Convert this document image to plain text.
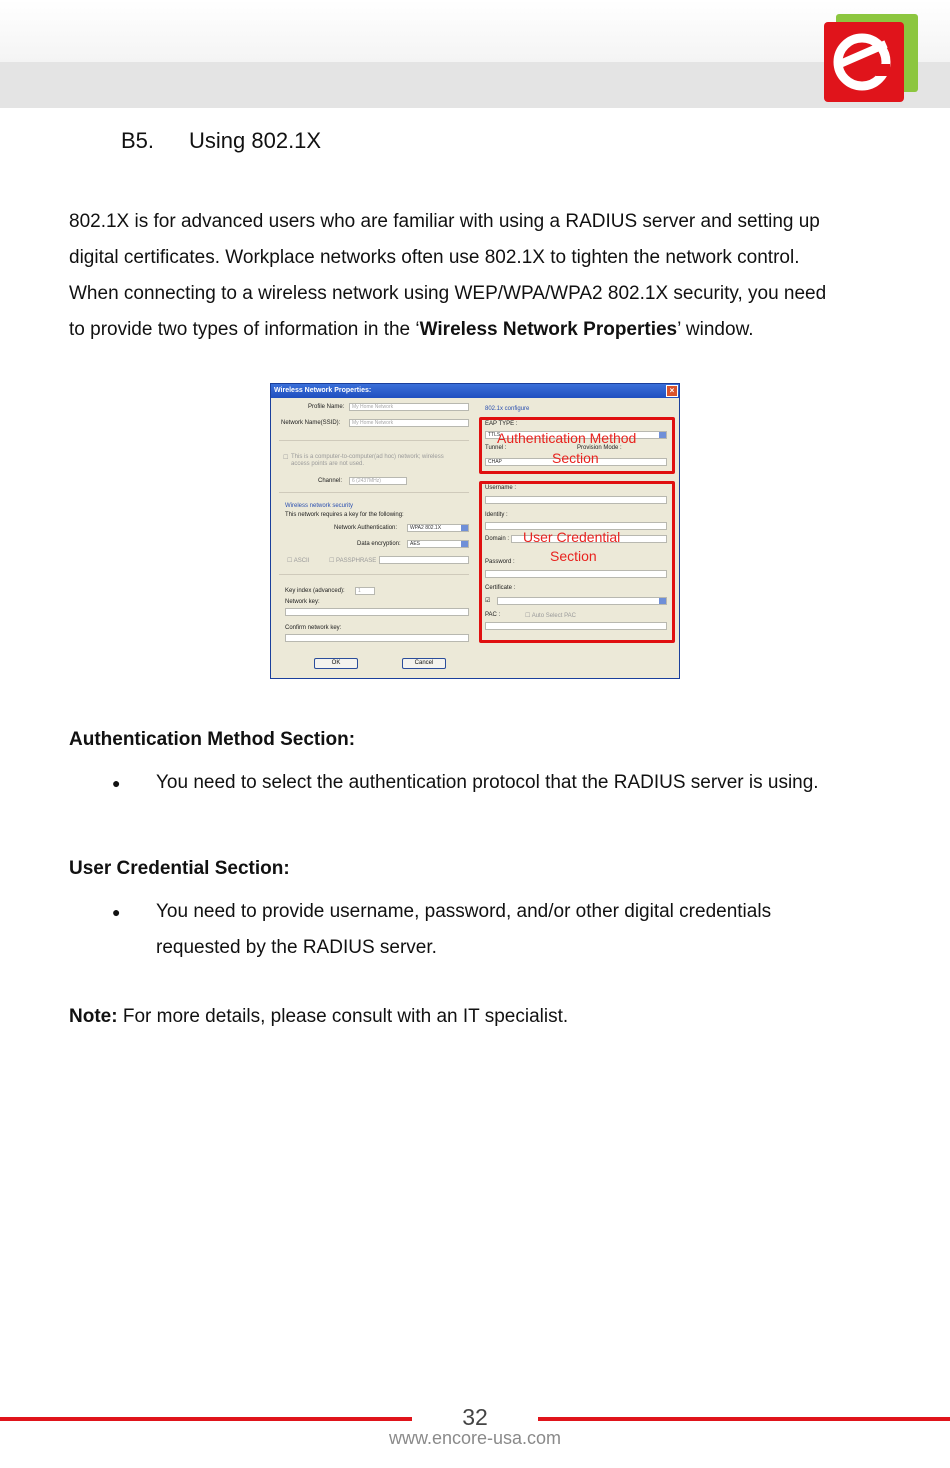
B5. Using 802.1X

802.1X is for advanced users who are familiar with using a RADIUS server and setting up

digital certificates. Workplace networks often use 802.1X to tighten the network control.

When connecting to a wireless network using WEP/WPA/WPA2 802.1X security, you need

to provide two types of information in the ‘Wireless Network Properties’ window.

Wireless Network Properties:	×
Profile Name:	My Home Network
Network Name(SSID):	My Home Network
☐ This is a computer-to-computer(ad hoc) network; wireless
access points are not used.
Channel:	6 (2437MHz)
Wireless network security
This network requires a key for the following:
Network Authentication:	WPA2 802.1X
Data encryption:	AES
☐ ASCII	☐ PASSPHRASE
Key index (advanced):	1
Network key:
Confirm network key:
OK	Cancel
802.1x configure
EAP TYPE :
TTLS
Tunnel :	Provision Mode :
CHAP
Username :
Identity :
Domain :
Password :
Certificate :
☑
PAC :	☐ Auto Select PAC
Authentication Method
Section
User Credential
Section
Authentication Method Section:
●	You need to select the authentication protocol that the RADIUS server is using.
User Credential Section:
●	You need to provide username, password, and/or other digital credentials
requested by the RADIUS server.
Note: For more details, please consult with an IT specialist.
32
www.encore-usa.com
